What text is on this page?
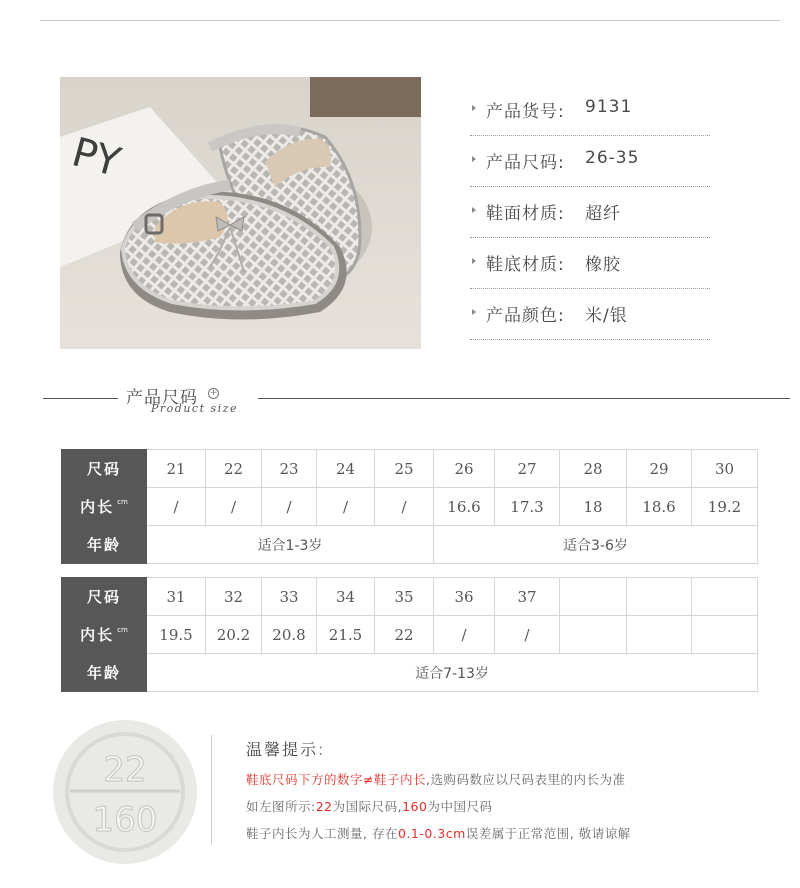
PY
产品货号: 9131
产品尺码: 26-35
鞋面材质: 超纤
鞋底材质: 橡胶
产品颜色: 米/银
产品尺码 +
Product size
尺码	21	22	23	24	25	26	27	28	29	30
内长 $^{cm}$	/	/	/	/	/	16.6	17.3	18	18.6	19.2
年龄	适合1-3岁					适合3-6岁				
尺码	31	32	33	34	35	36	37			
内长 $^{cm}$	19.5	20.2	20.8	21.5	22	/	/			
年龄	适合7-13岁									
22
160
温馨提示:
鞋底尺码下方的数字≠鞋子内长,选购码数应以尺码表里的内长为准
如左图所示:22为国际尺码,160为中国尺码
鞋子内长为人工测量, 存在0.1-0.3cm误差属于正常范围, 敬请谅解
